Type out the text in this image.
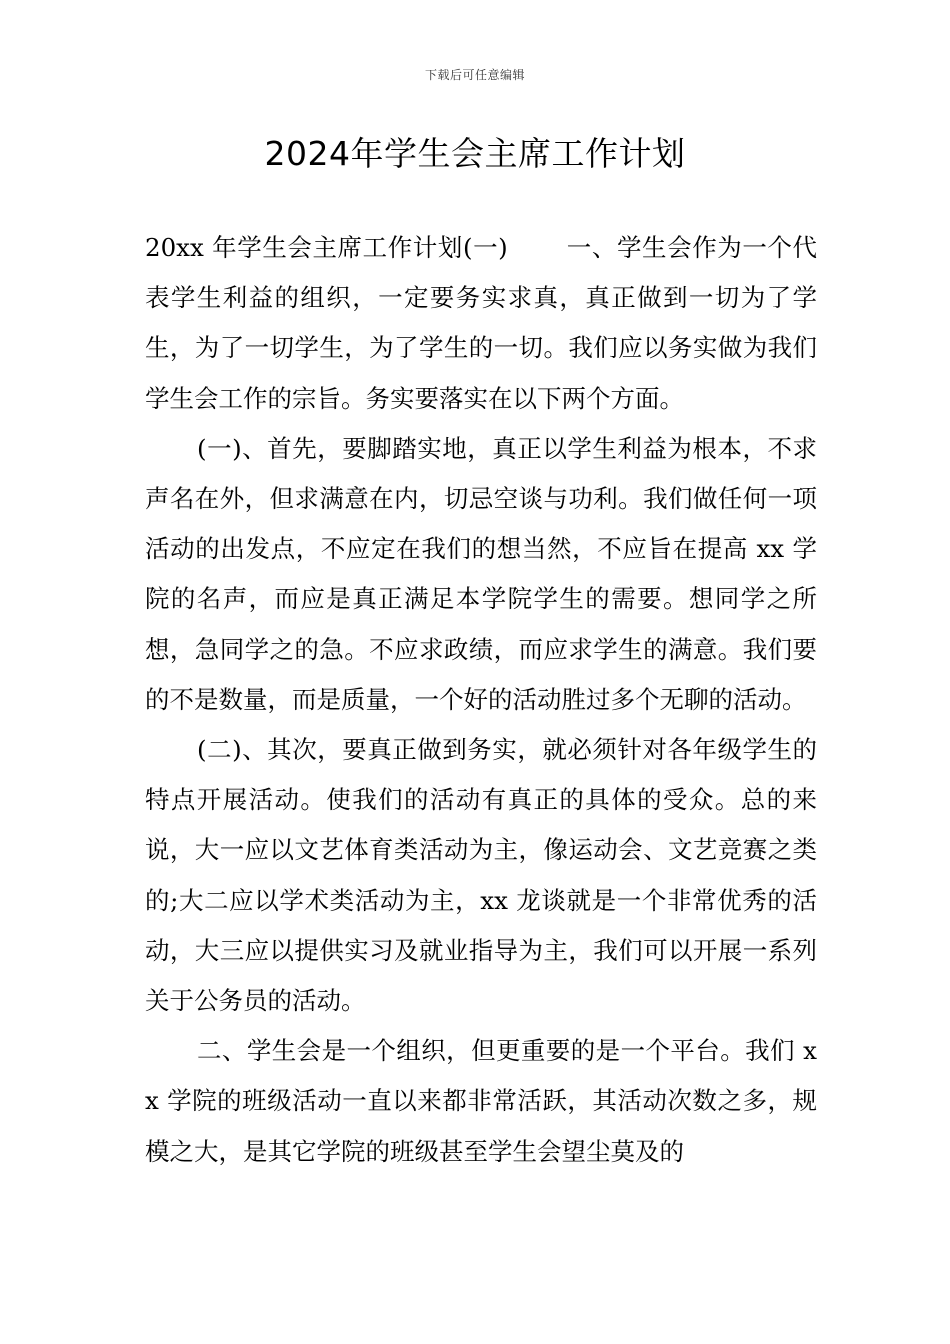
下载后可任意编辑
2024年学生会主席工作计划

20xx 年学生会主席工作计划(一)　　 一、学生会作为一个代表学生利益的组织，一定要务实求真，真正做到一切为了学生，为了一切学生，为了学生的一切。我们应以务实做为我们学生会工作的宗旨。务实要落实在以下两个方面。

(一)、首先，要脚踏实地，真正以学生利益为根本，不求声名在外，但求满意在内，切忌空谈与功利。我们做任何一项活动的出发点，不应定在我们的想当然，不应旨在提高 xx 学院的名声，而应是真正满足本学院学生的需要。想同学之所想，急同学之的急。不应求政绩，而应求学生的满意。我们要的不是数量，而是质量，一个好的活动胜过多个无聊的活动。

(二)、其次，要真正做到务实，就必须针对各年级学生的特点开展活动。使我们的活动有真正的具体的受众。总的来说，大一应以文艺体育类活动为主，像运动会、文艺竞赛之类的;大二应以学术类活动为主，xx 龙谈就是一个非常优秀的活动，大三应以提供实习及就业指导为主，我们可以开展一系列关于公务员的活动。

二、学生会是一个组织，但更重要的是一个平台。我们 xx 学院的班级活动一直以来都非常活跃，其活动次数之多，规模之大，是其它学院的班级甚至学生会望尘莫及的
